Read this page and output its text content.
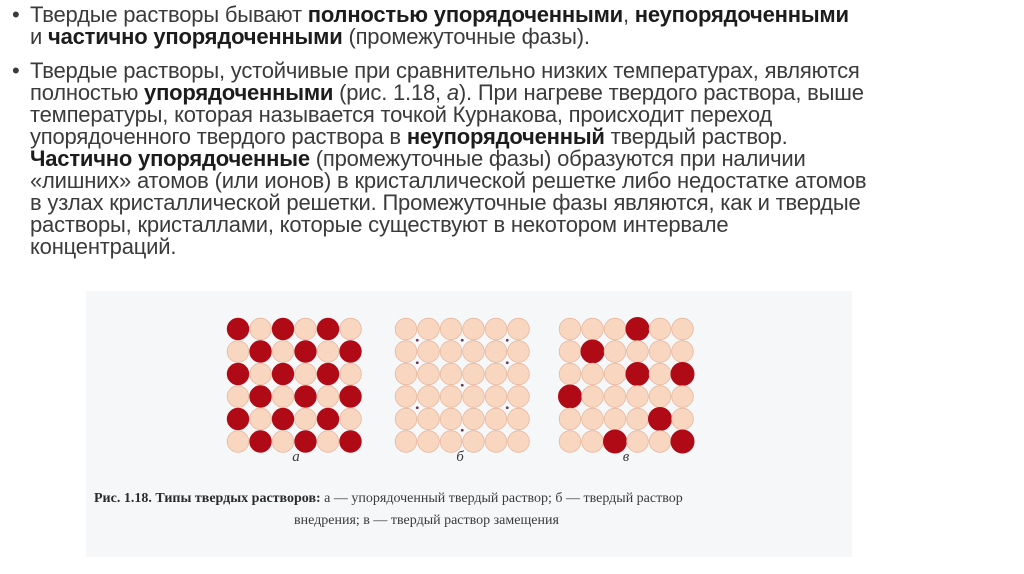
• Твердые растворы бывают полностью упорядоченными, неупорядоченными
и частично упорядоченными (промежуточные фазы).
• Твердые растворы, устойчивые при сравнительно низких температурах, являются
полностью упорядоченными (рис. 1.18, а). При нагреве твердого раствора, выше
температуры, которая называется точкой Курнакова, происходит переход
упорядоченного твердого раствора в неупорядоченный твердый раствор.
Частично упорядоченные (промежуточные фазы) образуются при наличии
«лишних» атомов (или ионов) в кристаллической решетке либо недостатке атомов
в узлах кристаллической решетки. Промежуточные фазы являются, как и твердые
растворы, кристаллами, которые существуют в некотором интервале
концентраций.
а	б	в
Рис. 1.18. Типы твердых растворов: а — упорядоченный твердый раствор; б — твердый раствор
внедрения; в — твердый раствор замещения
